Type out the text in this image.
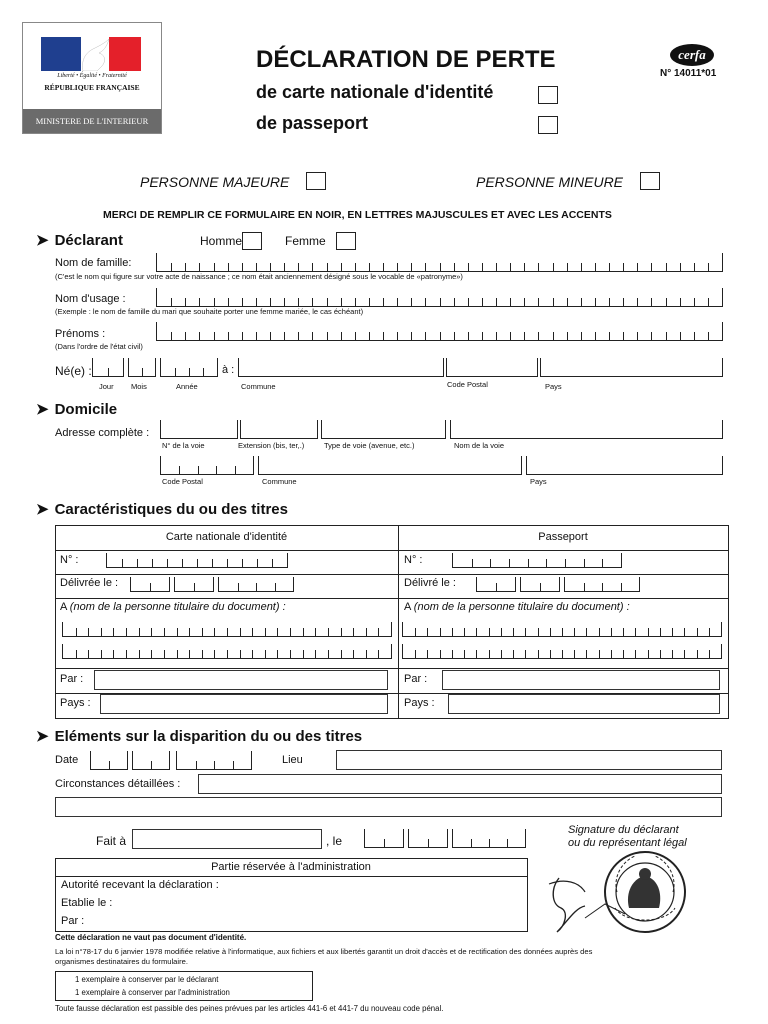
Liberté • Égalité • Fraternité
RÉPUBLIQUE FRANÇAISE
MINISTERE DE L'INTERIEUR
DÉCLARATION DE PERTE
de carte nationale d'identité
de passeport
cerfa
N° 14011*01
PERSONNE MAJEURE	PERSONNE MINEURE
MERCI DE REMPLIR CE FORMULAIRE EN NOIR, EN LETTRES MAJUSCULES ET AVEC LES ACCENTS
➤ Déclarant	Homme	Femme
Nom de famille:
(C'est le nom qui figure sur votre acte de naissance ; ce nom était anciennement désigné sous le vocable de «patronyme»)
Nom d'usage :
(Exemple : le nom de famille du mari que souhaite porter une femme mariée, le cas échéant)
Prénoms :
(Dans l'ordre de l'état civil)
Né(e) :	à :
Jour Mois	Année	Commune	Code Postal	Pays
➤ Domicile
Adresse complète :
N° de la voie	Extension (bis, ter,.)	Type de voie (avenue, etc.)	Nom de la voie
Code Postal	Commune	Pays
➤ Caractéristiques du ou des titres
Carte nationale d'identité	Passeport
N° :	N° :
Délivrée le :	Délivré le :
A (nom de la personne titulaire du document) :	A (nom de la personne titulaire du document) :
Par :	Par :
Pays :	Pays :
➤ Eléments sur la disparition du ou des titres
Date	Lieu
Circonstances détaillées :
Fait à	, le
Signature du déclarant
ou du représentant légal
Partie réservée à l'administration
Autorité recevant la déclaration :
Etablie le :
Par :
Cette déclaration ne vaut pas document d'identité.
La loi n°78-17 du 6 janvier 1978 modifiée relative à l'informatique, aux fichiers et aux libertés garantit un droit d'accès et de rectification des données auprès des
organismes destinataires du formulaire.
1 exemplaire à conserver par le déclarant
1 exemplaire à conserver par l'administration
Toute fausse déclaration est passible des peines prévues par les articles 441-6 et 441-7 du nouveau code pénal.
